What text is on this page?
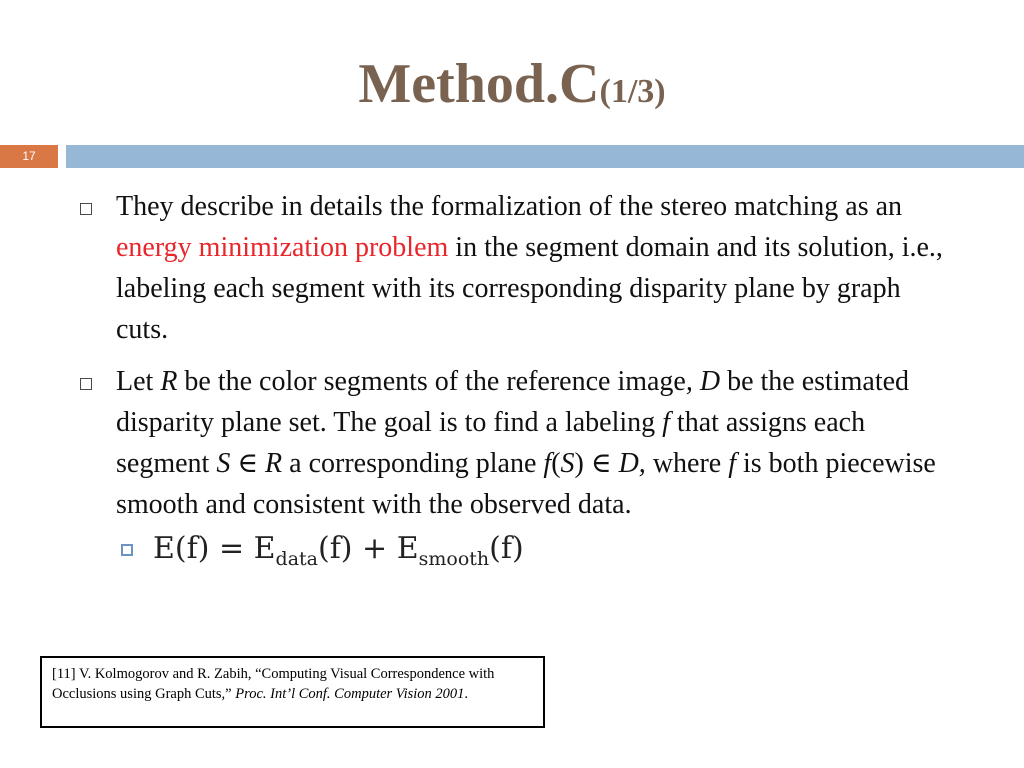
Method.C(1/3)
17
They describe in details the formalization of the stereo matching as an energy minimization problem in the segment domain and its solution, i.e., labeling each segment with its corresponding disparity plane by graph cuts.
Let R be the color segments of the reference image, D be the estimated disparity plane set. The goal is to find a labeling f that assigns each segment S ∈ R a corresponding plane f(S) ∈ D, where f is both piecewise smooth and consistent with the observed data.
$E(f) = E_{data}(f) + E_{smooth}(f)$
[11] V. Kolmogorov and R. Zabih, “Computing Visual Correspondence with Occlusions using Graph Cuts,” Proc. Int’l Conf. Computer Vision 2001.
